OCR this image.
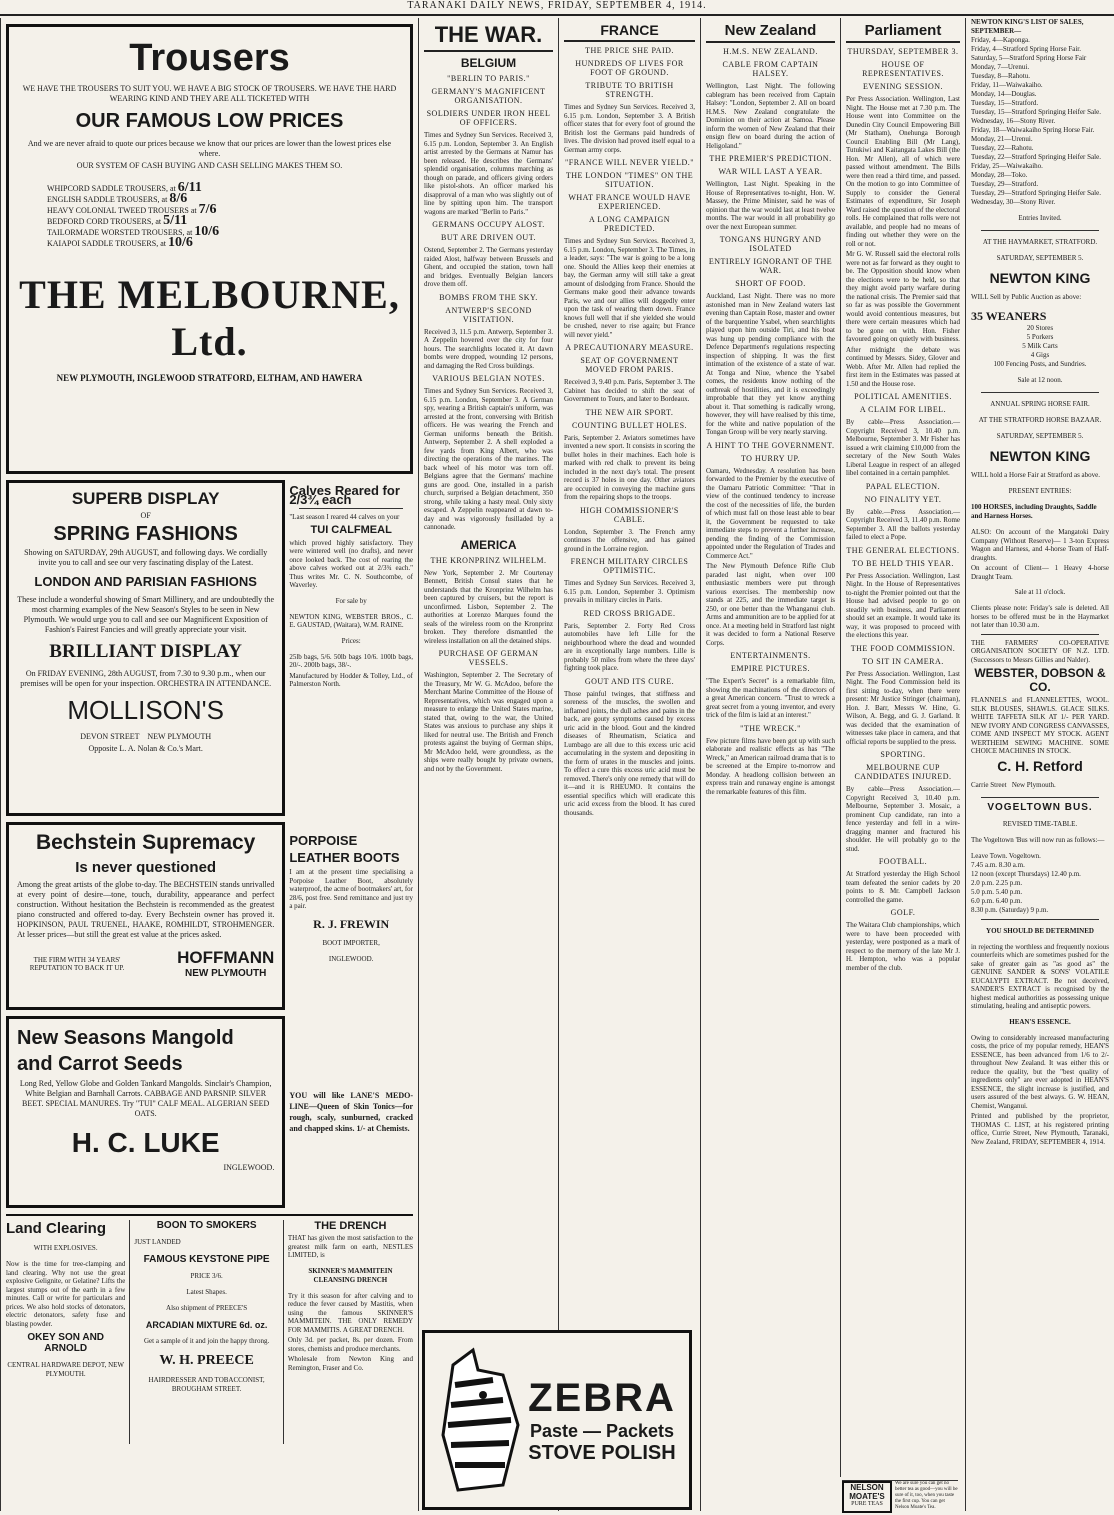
TARANAKI DAILY NEWS, FRIDAY, SEPTEMBER 4, 1914.
Trousers

WE HAVE THE TROUSERS TO SUIT YOU. WE HAVE A BIG STOCK OF TROUSERS. WE HAVE THE HARD WEARING KIND AND THEY ARE ALL TICKETED WITH

OUR FAMOUS LOW PRICES

And we are never afraid to quote our prices because we know that our prices are lower than the lowest prices else where.

OUR SYSTEM OF CASH BUYING AND CASH SELLING MAKES THEM SO.

WHIPCORD SADDLE TROUSERS, at 6/11
ENGLISH SADDLE TROUSERS, at 8/6
HEAVY COLONIAL TWEED TROUSERS at 7/6
BEDFORD CORD TROUSERS, at 5/11
TAILORMADE WORSTED TROUSERS, at 10/6
KAIAPOI SADDLE TROUSERS, at 10/6
THE MELBOURNE, Ltd.

NEW PLYMOUTH, INGLEWOOD STRATFORD, ELTHAM, AND HAWERA

SUPERB DISPLAY

OF

SPRING FASHIONS

Showing on SATURDAY, 29th AUGUST, and following days. We cordially invite you to call and see our very fascinating display of the Latest.

LONDON AND PARISIAN FASHIONS

These include a wonderful showing of Smart Millinery, and are undoubtedly the most charming examples of the New Season's Styles to be seen in New Plymouth. We would urge you to call and see our Magnificent Exposition of Fashion's Fairest Fancies and will greatly appreciate your visit.

BRILLIANT DISPLAY

On FRIDAY EVENING, 28th AUGUST, from 7.30 to 9.30 p.m., when our premises will be open for your inspection. ORCHESTRA IN ATTENDANCE.

MOLLISON'S

DEVON STREET NEW PLYMOUTH

Opposite L. A. Nolan & Co.'s Mart.

Calves Reared for 2/3¾ each

"Last season I reared 44 calves on your

TUI CALFMEAL

which proved highly satisfactory. They were wintered well (no drafts), and never once looked back. The cost of rearing the above calves worked out at 2/3¾ each." Thus writes Mr. C. N. Southcombe, of Waverley.

For sale by

NEWTON KING, WEBSTER BROS., C. E. GAUSTAD, (Waitara), W.M. RAINE.

Prices:

25lb bags, 5/6. 50lb bags 10/6. 100lb bags, 20/-. 200lb bags, 38/-.

Manufactured by Hodder & Tolley, Ltd., of Palmerston North.

Bechstein Supremacy
Is never questioned

Among the great artists of the globe to-day. The BECHSTEIN stands unrivalled at every point of desire—tone, touch, durability, appearance and perfect construction. Without hesitation the Bechstein is recommended as the greatest piano constructed and offered to-day. Every Bechstein owner has proved it. HOPKINSON, PAUL TRUENEL, HAAKE, ROMHILDT, STROHMENGER. At lesser prices—but still the great est value at the prices asked.

THE FIRM WITH 34 YEARS' REPUTATION TO BACK IT UP.
HOFFMANN
NEW PLYMOUTH
PORPOISE LEATHER BOOTS

I am at the present time specialising a Porpoise Leather Boot, absolutely waterproof, the acme of bootmakers' art, for 28/6, post free. Send remittance and just try a pair.

R. J. FREWIN

BOOT IMPORTER,

INGLEWOOD.

New Seasons Mangold and Carrot Seeds

Long Red, Yellow Globe and Golden Tankard Mangolds. Sinclair's Champion, White Belgian and Barnhall Carrots. CABBAGE AND PARSNIP. SILVER BEET. SPECIAL MANURES. Try "TUI" CALF MEAL. ALGERIAN SEED OATS.

H. C. LUKE

INGLEWOOD.

YOU will like LANE'S MEDO-LINE—Queen of Skin Tonics—for rough, scaly, sunburned, cracked and chapped skins. 1/- at Chemists.

Land Clearing

WITH EXPLOSIVES.

Now is the time for tree-clamping and land clearing. Why not use the great explosive Gelignite, or Gelatine? Lifts the largest stumps out of the earth in a few minutes. Call or write for particulars and prices. We also hold stocks of detonators, electric detonators, safety fuse and blasting powder.

OKEY SON AND ARNOLD

CENTRAL HARDWARE DEPOT, NEW PLYMOUTH.

BOON TO SMOKERS

JUST LANDED

FAMOUS KEYSTONE PIPE

PRICE 3/6.

Latest Shapes.

Also shipment of PREECE'S

ARCADIAN MIXTURE 6d. oz.

Get a sample of it and join the happy throng.

W. H. PREECE

HAIRDRESSER AND TOBACCONIST, BROUGHAM STREET.

THE DRENCH

THAT has given the most satisfaction to the greatest milk farm on earth, NESTLES LIMITED, is

SKINNER'S MAMMITEIN CLEANSING DRENCH

Try it this season for after calving and to reduce the fever caused by Mastitis, when using the famous SKINNER'S MAMMITEIN. THE ONLY REMEDY FOR MAMMITIS. A GREAT DRENCH.

Only 3d. per packet, 8s. per dozen. From stores, chemists and produce merchants.

Wholesale from Newton King and Remington, Fraser and Co.

THE WAR.
BELGIUM
"BERLIN TO PARIS."
GERMANY'S MAGNIFICENT ORGANISATION.
SOLDIERS UNDER IRON HEEL OF OFFICERS.

Times and Sydney Sun Services. Received 3, 6.15 p.m. London, September 3. An English artist arrested by the Germans at Namur has been released. He describes the Germans' splendid organisation, columns marching as though on parade, and officers giving orders like pistol-shots. An officer marked his disapproval of a man who was slightly out of line by spitting upon him. The transport wagons are marked "Berlin to Paris."

GERMANS OCCUPY ALOST.
BUT ARE DRIVEN OUT.

Ostend, September 2. The Germans yesterday raided Alost, halfway between Brussels and Ghent, and occupied the station, town hall and bridges. Eventually Belgian lancers drove them off.

BOMBS FROM THE SKY.
ANTWERP'S SECOND VISITATION.

Received 3, 11.5 p.m. Antwerp, September 3. A Zeppelin hovered over the city for four hours. The searchlights located it. At dawn bombs were dropped, wounding 12 persons, and damaging the Red Cross buildings.

VARIOUS BELGIAN NOTES.

Times and Sydney Sun Services. Received 3, 6.15 p.m. London, September 3. A German spy, wearing a British captain's uniform, was arrested at the front, conversing with British officers. He was wearing the French and German uniforms beneath the British. Antwerp, September 2. A shell exploded a few yards from King Albert, who was directing the operations of the marines. The back wheel of his motor was torn off. Belgians agree that the Germans' machine guns are good. One, installed in a parish church, surprised a Belgian detachment, 350 strong, while taking a hasty meal. Only sixty escaped. A Zeppelin reappeared at dawn to-day and was vigorously fusilladed by a cannonade.

AMERICA
THE KRONPRINZ WILHELM.

New York, September 2. Mr Courtenay Bennett, British Consul states that he understands that the Kronprinz Wilhelm has been captured by cruisers, but the report is unconfirmed. Lisbon, September 2. The authorities at Lorenzo Marques found the seals of the wireless room on the Kronprinz broken. They therefore dismantled the wireless installation on all the detained ships.

PURCHASE OF GERMAN VESSELS.

Washington, September 2. The Secretary of the Treasury, Mr W. G. McAdoo, before the Merchant Marine Committee of the House of Representatives, which was engaged upon a measure to enlarge the United States marine, stated that, owing to the war, the United States was anxious to purchase any ships it liked for neutral use. The British and French protests against the buying of German ships, Mr McAdoo held, were groundless, as the ships were really bought by private owners, and not by the Government.

FRANCE
THE PRICE SHE PAID.
HUNDREDS OF LIVES FOR FOOT OF GROUND.
TRIBUTE TO BRITISH STRENGTH.

Times and Sydney Sun Services. Received 3, 6.15 p.m. London, September 3. A British officer states that for every foot of ground the British lost the Germans paid hundreds of lives. The division had proved itself equal to a German army corps.

"FRANCE WILL NEVER YIELD."
THE LONDON "TIMES" ON THE SITUATION.
WHAT FRANCE WOULD HAVE EXPERIENCED.
A LONG CAMPAIGN PREDICTED.

Times and Sydney Sun Services. Received 3, 6.15 p.m. London, September 3. The Times, in a leader, says: "The war is going to be a long one. Should the Allies keep their enemies at bay, the German army will still take a great amount of dislodging from France. Should the Germans make good their advance towards Paris, we and our allies will doggedly enter upon the task of wearing them down. France knows full well that if she yielded she would be crushed, never to rise again; but France will never yield."

A PRECAUTIONARY MEASURE.
SEAT OF GOVERNMENT MOVED FROM PARIS.

Received 3, 9.40 p.m. Paris, September 3. The Cabinet has decided to shift the seat of Government to Tours, and later to Bordeaux.

THE NEW AIR SPORT.
COUNTING BULLET HOLES.

Paris, September 2. Aviators sometimes have invented a new sport. It consists in scoring the bullet holes in their machines. Each hole is marked with red chalk to prevent its being included in the next day's total. The present record is 37 holes in one day. Other aviators are occupied in conveying the machine guns from the repairing shops to the troops.

HIGH COMMISSIONER'S CABLE.

London, September 3. The French army continues the offensive, and has gained ground in the Lorraine region.

FRENCH MILITARY CIRCLES OPTIMISTIC.

Times and Sydney Sun Services. Received 3, 6.15 p.m. London, September 3. Optimism prevails in military circles in Paris.

RED CROSS BRIGADE.

Paris, September 2. Forty Red Cross automobiles have left Lille for the neighbourhood where the dead and wounded are in exceptionally large numbers. Lille is probably 50 miles from where the three days' fighting took place.

GOUT AND ITS CURE.

Those painful twinges, that stiffness and soreness of the muscles, the swollen and inflamed joints, the dull aches and pains in the back, are gouty symptoms caused by excess uric acid in the blood. Gout and the kindred diseases of Rheumatism, Sciatica and Lumbago are all due to this excess uric acid accumulating in the system and depositing in the form of urates in the muscles and joints. To effect a cure this excess uric acid must be removed. There's only one remedy that will do it—and it is RHEUMO. It contains the essential specifics which will eradicate this uric acid excess from the blood. It has cured thousands.

ZEBRA
Paste — Packets
STOVE POLISH
New Zealand
H.M.S. NEW ZEALAND.
CABLE FROM CAPTAIN HALSEY.

Wellington, Last Night. The following cablegram has been received from Captain Halsey: "London, September 2. All on board H.M.S. New Zealand congratulate the Dominion on their action at Samoa. Please inform the women of New Zealand that their ensign flew on board during the action of Heligoland."

THE PREMIER'S PREDICTION.
WAR WILL LAST A YEAR.

Wellington, Last Night. Speaking in the House of Representatives to-night, Hon. W. Massey, the Prime Minister, said he was of opinion that the war would last at least twelve months. The war would in all probability go over the next European summer.

TONGANS HUNGRY AND ISOLATED
ENTIRELY IGNORANT OF THE WAR.
SHORT OF FOOD.

Auckland, Last Night. There was no more astonished man in New Zealand waters last evening than Captain Rose, master and owner of the barquentine Ysabel, when searchlights played upon him outside Tiri, and his boat was hung up pending compliance with the Defence Department's regulations respecting inspection of shipping. It was the first intimation of the existence of a state of war. At Tonga and Niue, whence the Ysabel comes, the residents know nothing of the outbreak of hostilities, and it is exceedingly improbable that they yet know anything about it. That something is radically wrong, however, they will have realised by this time, for the white and native population of the Tongan Group will be very nearly starving.

A HINT TO THE GOVERNMENT.
TO HURRY UP.

Oamaru, Wednesday. A resolution has been forwarded to the Premier by the executive of the Oamaru Patriotic Committee: "That in view of the continued tendency to increase the cost of the necessities of life, the burden of which must fall on those least able to bear it, the Government be requested to take immediate steps to prevent a further increase, pending the finding of the Commission appointed under the Regulation of Trades and Commerce Act."

The New Plymouth Defence Rifle Club paraded last night, when over 100 enthusiastic members were put through various exercises. The membership now stands at 225, and the immediate target is 250, or one better than the Whanganui club. Arms and ammunition are to be applied for at once. At a meeting held in Stratford last night it was decided to form a National Reserve Corps.

ENTERTAINMENTS.
EMPIRE PICTURES.

"The Expert's Secret" is a remarkable film, showing the machinations of the directors of a great American concern. "Trust to wreck a great secret from a young inventor, and every trick of the film is laid at an interest."

"THE WRECK."

Few picture films have been got up with such elaborate and realistic effects as has "The Wreck," an American railroad drama that is to be screened at the Empire to-morrow and Monday. A headlong collision between an express train and runaway engine is amongst the remarkable features of this film.

NELSON MOATE'S
PURE TEAS

We are sure you can get no better tea as good—you will be sure of it, too, when you taste the first cup. You can get Nelson Moate's Tea.

Parliament
THURSDAY, SEPTEMBER 3.
HOUSE OF REPRESENTATIVES.
EVENING SESSION.

Per Press Association. Wellington, Last Night. The House met at 7.30 p.m. The House went into Committee on the Dunedin City Council Empowering Bill (Mr Statham), Onehunga Borough Council Enabling Bill (Mr Lang), Tutukiwi and Kaitangata Lakes Bill (the Hon. Mr Allen), all of which were passed without amendment. The Bills were then read a third time, and passed. On the motion to go into Committee of Supply to consider the General Estimates of expenditure, Sir Joseph Ward raised the question of the electoral rolls. He complained that rolls were not available, and people had no means of finding out whether they were on the roll or not.

Mr G. W. Russell said the electoral rolls were not as far forward as they ought to be. The Opposition should know when the elections were to be held, so that they might avoid party warfare during the national crisis. The Premier said that so far as was possible the Government would avoid contentious measures, but there were certain measures which had to be gone on with. Hon. Fisher favoured going on quietly with business.

After midnight the debate was continued by Messrs. Sidey, Glover and Webb. After Mr. Allen had replied the first item in the Estimates was passed at 1.50 and the House rose.

POLITICAL AMENITIES.
A CLAIM FOR LIBEL.

By cable—Press Association.—Copyright Received 3, 10.40 p.m. Melbourne, September 3. Mr Fisher has issued a writ claiming £10,000 from the secretary of the New South Wales Liberal League in respect of an alleged libel contained in a certain pamphlet.

PAPAL ELECTION.
NO FINALITY YET.

By cable.—Press Association.—Copyright Received 3, 11.40 p.m. Rome September 3. All the ballots yesterday failed to elect a Pope.

THE GENERAL ELECTIONS.
TO BE HELD THIS YEAR.

Per Press Association. Wellington, Last Night. In the House of Representatives to-night the Premier pointed out that the House had advised people to go on steadily with business, and Parliament should set an example. It would take its way, it was proposed to proceed with the elections this year.

THE FOOD COMMISSION.
TO SIT IN CAMERA.

Per Press Association. Wellington, Last Night. The Food Commission held its first sitting to-day, when there were present: Mr Justice Stringer (chairman), Hon. J. Barr, Messrs W. Hine, G. Wilson, A. Begg, and G. J. Garland. It was decided that the examination of witnesses take place in camera, and that official reports be supplied to the press.

SPORTING.
MELBOURNE CUP CANDIDATES INJURED.

By cable—Press Association.—Copyright Received 3, 10.40 p.m. Melbourne, September 3. Mosaic, a prominent Cup candidate, ran into a fence yesterday and fell in a wire-dragging manner and fractured his shoulder. He will probably go to the stud.

FOOTBALL.

At Stratford yesterday the High School team defeated the senior cadets by 20 points to 8. Mr. Campbell Jackson controlled the game.

GOLF.

The Waitara Club championships, which were to have been proceeded with yesterday, were postponed as a mark of respect to the memory of the late Mr J. H. Hempton, who was a popular member of the club.

NEWTON KING'S LIST OF SALES, SEPTEMBER—
Friday, 4—Kaponga.
Friday, 4—Stratford Spring Horse Fair.
Saturday, 5—Stratford Spring Horse Fair
Monday, 7—Urenui.
Tuesday, 8—Rahotu.
Friday, 11—Waiwakaiho.
Monday, 14—Douglas.
Tuesday, 15—Stratford.
Tuesday, 15—Stratford Springing Heifer Sale.
Wednesday, 16—Stony River.
Friday, 18—Waiwakaiho Spring Horse Fair.
Monday, 21—Urenui.
Tuesday, 22—Rahotu.
Tuesday, 22—Stratford Springing Heifer Sale.
Friday, 25—Waiwakaiho.
Monday, 28—Toko.
Tuesday, 29—Stratford.
Tuesday, 29—Stratford Springing Heifer Sale.
Wednesday, 30—Stony River.

Entries Invited.

AT THE HAYMARKET, STRATFORD.

SATURDAY, SEPTEMBER 5.

NEWTON KING

WILL Sell by Public Auction as above:

35 WEANERS
20 Stores
5 Porkers
5 Milk Carts
4 Gigs
100 Fencing Posts, and Sundries.

Sale at 12 noon.

ANNUAL SPRING HORSE FAIR.

AT THE STRATFORD HORSE BAZAAR.

SATURDAY, SEPTEMBER 5.

NEWTON KING

WILL hold a Horse Fair at Stratford as above.

PRESENT ENTRIES:

100 HORSES, including Draughts, Saddle and Harness Horses.

ALSO: On account of the Mangatoki Dairy Company (Without Reserve)— 1 3-ton Express Wagon and Harness, and 4-horse Team of Half-draughts.

On account of Client— 1 Heavy 4-horse Draught Team.

Sale at 11 o'clock.

Clients please note: Friday's sale is deleted. All horses to be offered must be in the Haymarket not later than 10.30 a.m.

THE FARMERS' CO-OPERATIVE ORGANISATION SOCIETY OF N.Z. LTD. (Successors to Messrs Gillies and Nalder).

WEBSTER, DOBSON & CO.

FLANNELS and FLANNELETTES, WOOL. SILK BLOUSES, SHAWLS. GLACE SILKS. WHITE TAFFETA SILK AT 1/- PER YARD. NEW IVORY AND CONGRESS CANVASSES, COME AND INSPECT MY STOCK. AGENT WERTHEIM SEWING MACHINE. SOME CHOICE MACHINES IN STOCK.

C. H. Retford

Carrie Street New Plymouth.

VOGELTOWN BUS.

REVISED TIME-TABLE.

The Vogeltown 'Bus will now run as follows:—

Leave Town. Vogeltown.
7.45 a.m. 8.30 a.m.
12 noon (except Thursdays) 12.40 p.m.
2.0 p.m. 2.25 p.m.
5.0 p.m. 5.40 p.m.
6.0 p.m. 6.40 p.m.
8.30 p.m. (Saturday) 9 p.m.

YOU SHOULD BE DETERMINED

in rejecting the worthless and frequently noxious counterfeits which are sometimes pushed for the sake of greater gain as "as good as" the GENUINE SANDER & SONS' VOLATILE EUCALYPTI EXTRACT. Be not deceived, SANDER'S EXTRACT is recognised by the highest medical authorities as possessing unique stimulating, healing and antiseptic powers.

HEAN'S ESSENCE.

Owing to considerably increased manufacturing costs, the price of my popular remedy, HEAN'S ESSENCE, has been advanced from 1/6 to 2/- throughout New Zealand. It was either this or reduce the quality, but the "best quality of ingredients only" are ever adopted in HEAN'S ESSENCE, the slight increase is justified, and users assured of the best always. G. W. HEAN, Chemist, Wanganui.

Printed and published by the proprietor, THOMAS C. LIST, at his registered printing office, Currie Street, New Plymouth, Taranaki, New Zealand, FRIDAY, SEPTEMBER 4, 1914.
